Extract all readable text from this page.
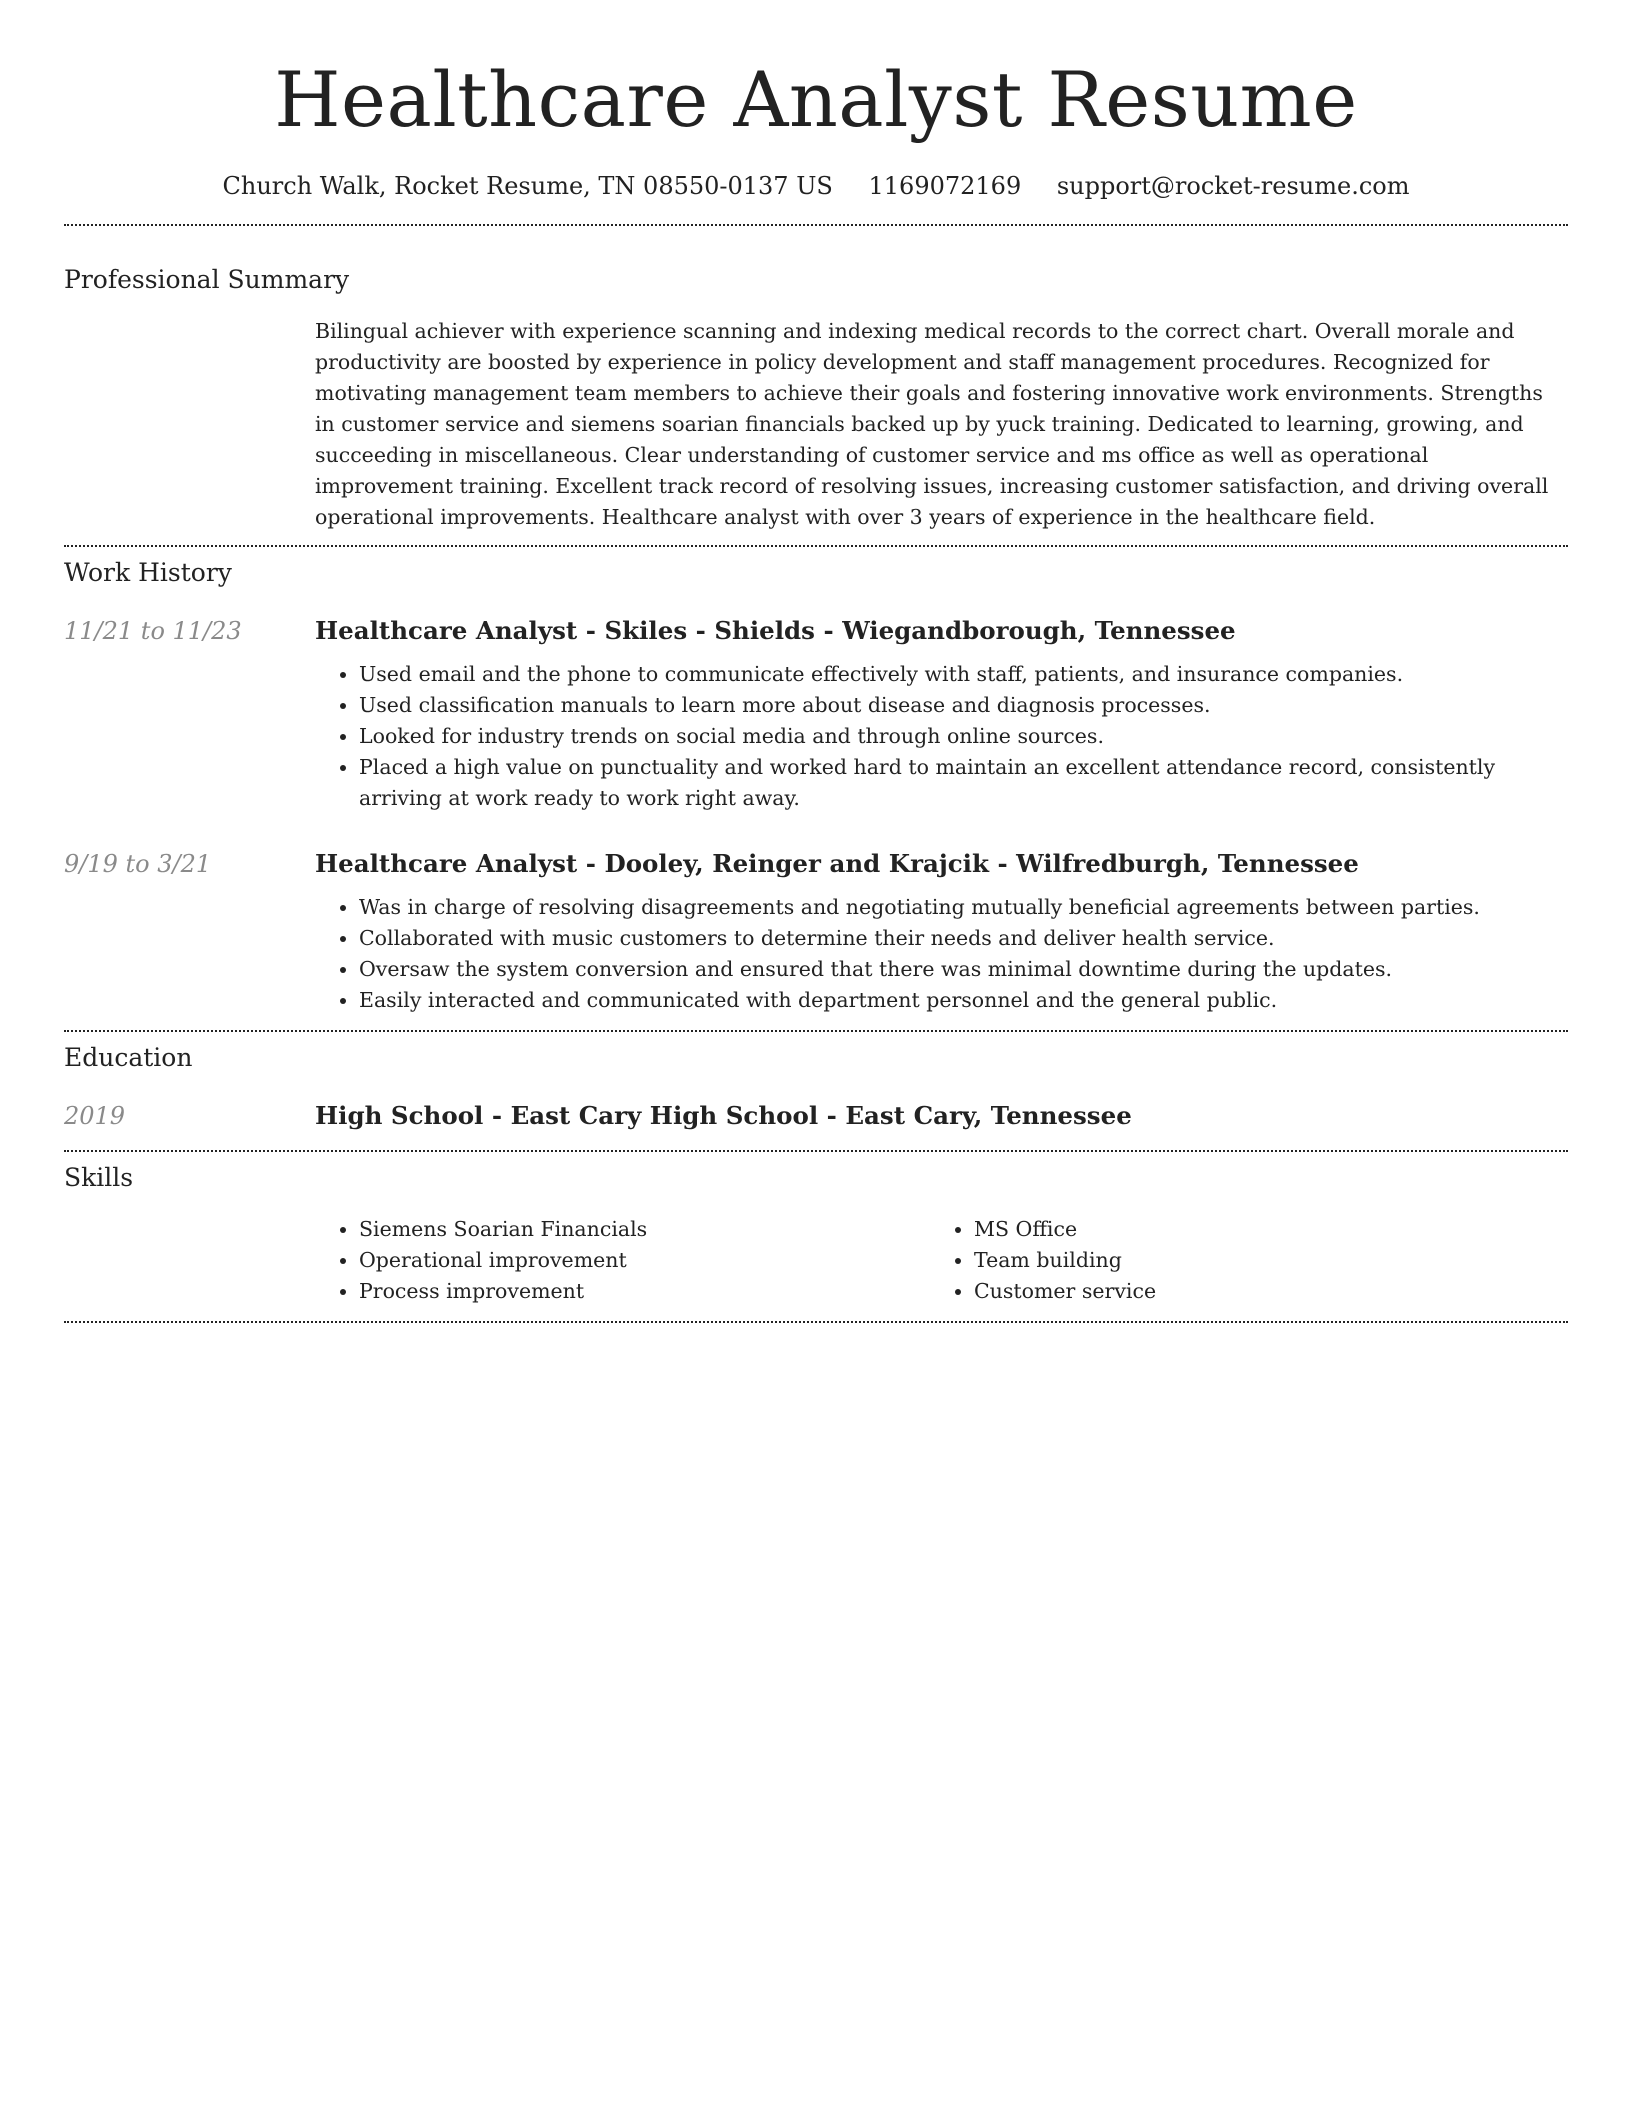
Healthcare Analyst Resume
Church Walk, Rocket Resume, TN 08550-0137 US 1169072169 support@rocket-resume.com
Professional Summary

Bilingual achiever with experience scanning and indexing medical records to the correct chart. Overall morale and productivity are boosted by experience in policy development and staff management procedures. Recognized for motivating management team members to achieve their goals and fostering innovative work environments. Strengths in customer service and siemens soarian financials backed up by yuck training. Dedicated to learning, growing, and succeeding in miscellaneous. Clear understanding of customer service and ms office as well as operational improvement training. Excellent track record of resolving issues, increasing customer satisfaction, and driving overall operational improvements. Healthcare analyst with over 3 years of experience in the healthcare field.

Work History
11/21 to 11/23	Healthcare Analyst - Skiles - Shields - Wiegandborough, Tennessee
• Used email and the phone to communicate effectively with staff, patients, and insurance companies.
• Used classification manuals to learn more about disease and diagnosis processes.
• Looked for industry trends on social media and through online sources.
• Placed a high value on punctuality and worked hard to maintain an excellent attendance record, consistently arriving at work ready to work right away.
9/19 to 3/21	Healthcare Analyst - Dooley, Reinger and Krajcik - Wilfredburgh, Tennessee
• Was in charge of resolving disagreements and negotiating mutually beneficial agreements between parties.
• Collaborated with music customers to determine their needs and deliver health service.
• Oversaw the system conversion and ensured that there was minimal downtime during the updates.
• Easily interacted and communicated with department personnel and the general public.
Education
2019	High School - East Cary High School - East Cary, Tennessee
Skills
• Siemens Soarian Financials
• Operational improvement
• Process improvement
• MS Office
• Team building
• Customer service
